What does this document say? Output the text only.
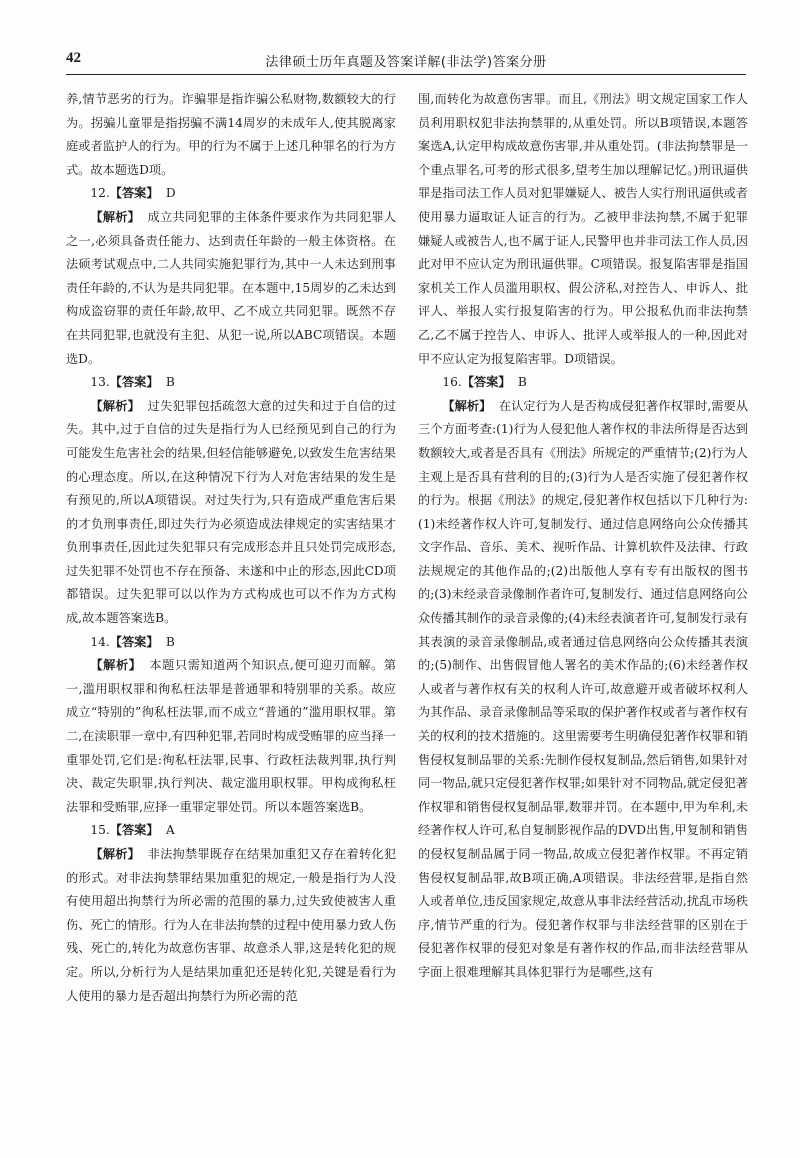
42	法律硕士历年真题及答案详解(非法学)答案分册

养,情节恶劣的行为。诈骗罪是指诈骗公私财物,数额较大的行为。拐骗儿童罪是指拐骗不满14周岁的未成年人,使其脱离家庭或者监护人的行为。甲的行为不属于上述几种罪名的行为方式。故本题选D项。

12.【答案】 D

【解析】 成立共同犯罪的主体条件要求作为共同犯罪人之一,必须具备责任能力、达到责任年龄的一般主体资格。在法硕考试观点中,二人共同实施犯罪行为,其中一人未达到刑事责任年龄的,不认为是共同犯罪。在本题中,15周岁的乙未达到构成盗窃罪的责任年龄,故甲、乙不成立共同犯罪。既然不存在共同犯罪,也就没有主犯、从犯一说,所以ABC项错误。本题选D。

13.【答案】 B

【解析】 过失犯罪包括疏忽大意的过失和过于自信的过失。其中,过于自信的过失是指行为人已经预见到自己的行为可能发生危害社会的结果,但轻信能够避免,以致发生危害结果的心理态度。所以,在这种情况下行为人对危害结果的发生是有预见的,所以A项错误。对过失行为,只有造成严重危害后果的才负刑事责任,即过失行为必须造成法律规定的实害结果才负刑事责任,因此过失犯罪只有完成形态并且只处罚完成形态,过失犯罪不处罚也不存在预备、未遂和中止的形态,因此CD项都错误。过失犯罪可以以作为方式构成也可以不作为方式构成,故本题答案选B。

14.【答案】 B

【解析】 本题只需知道两个知识点,便可迎刃而解。第一,滥用职权罪和徇私枉法罪是普通罪和特别罪的关系。故应成立“特别的”徇私枉法罪,而不成立“普通的”滥用职权罪。第二,在渎职罪一章中,有四种犯罪,若同时构成受贿罪的应当择一重罪处罚,它们是:徇私枉法罪,民事、行政枉法裁判罪,执行判决、裁定失职罪,执行判决、裁定滥用职权罪。甲构成徇私枉法罪和受贿罪,应择一重罪定罪处罚。所以本题答案选B。

15.【答案】 A

【解析】 非法拘禁罪既存在结果加重犯又存在着转化犯的形式。对非法拘禁罪结果加重犯的规定,一般是指行为人没有使用超出拘禁行为所必需的范围的暴力,过失致使被害人重伤、死亡的情形。行为人在非法拘禁的过程中使用暴力致人伤残、死亡的,转化为故意伤害罪、故意杀人罪,这是转化犯的规定。所以,分析行为人是结果加重犯还是转化犯,关键是看行为人使用的暴力是否超出拘禁行为所必需的范

围,而转化为故意伤害罪。而且,《刑法》明文规定国家工作人员利用职权犯非法拘禁罪的,从重处罚。所以B项错误,本题答案选A,认定甲构成故意伤害罪,并从重处罚。(非法拘禁罪是一个重点罪名,可考的形式很多,望考生加以理解记忆。)刑讯逼供罪是指司法工作人员对犯罪嫌疑人、被告人实行刑讯逼供或者使用暴力逼取证人证言的行为。乙被甲非法拘禁,不属于犯罪嫌疑人或被告人,也不属于证人,民警甲也并非司法工作人员,因此对甲不应认定为刑讯逼供罪。C项错误。报复陷害罪是指国家机关工作人员滥用职权、假公济私,对控告人、申诉人、批评人、举报人实行报复陷害的行为。甲公报私仇而非法拘禁乙,乙不属于控告人、申诉人、批评人或举报人的一种,因此对甲不应认定为报复陷害罪。D项错误。

16.【答案】 B

【解析】 在认定行为人是否构成侵犯著作权罪时,需要从三个方面考查:(1)行为人侵犯他人著作权的非法所得是否达到数额较大,或者是否具有《刑法》所规定的严重情节;(2)行为人主观上是否具有营利的目的;(3)行为人是否实施了侵犯著作权的行为。根据《刑法》的规定,侵犯著作权包括以下几种行为:(1)未经著作权人许可,复制发行、通过信息网络向公众传播其文字作品、音乐、美术、视听作品、计算机软件及法律、行政法规规定的其他作品的;(2)出版他人享有专有出版权的图书的;(3)未经录音录像制作者许可,复制发行、通过信息网络向公众传播其制作的录音录像的;(4)未经表演者许可,复制发行录有其表演的录音录像制品,或者通过信息网络向公众传播其表演的;(5)制作、出售假冒他人署名的美术作品的;(6)未经著作权人或者与著作权有关的权利人许可,故意避开或者破坏权利人为其作品、录音录像制品等采取的保护著作权或者与著作权有关的权利的技术措施的。这里需要考生明确侵犯著作权罪和销售侵权复制品罪的关系:先制作侵权复制品,然后销售,如果针对同一物品,就只定侵犯著作权罪;如果针对不同物品,就定侵犯著作权罪和销售侵权复制品罪,数罪并罚。在本题中,甲为牟利,未经著作权人许可,私自复制影视作品的DVD出售,甲复制和销售的侵权复制品属于同一物品,故成立侵犯著作权罪。不再定销售侵权复制品罪,故B项正确,A项错误。非法经营罪,是指自然人或者单位,违反国家规定,故意从事非法经营活动,扰乱市场秩序,情节严重的行为。侵犯著作权罪与非法经营罪的区别在于侵犯著作权罪的侵犯对象是有著作权的作品,而非法经营罪从字面上很难理解其具体犯罪行为是哪些,这有
